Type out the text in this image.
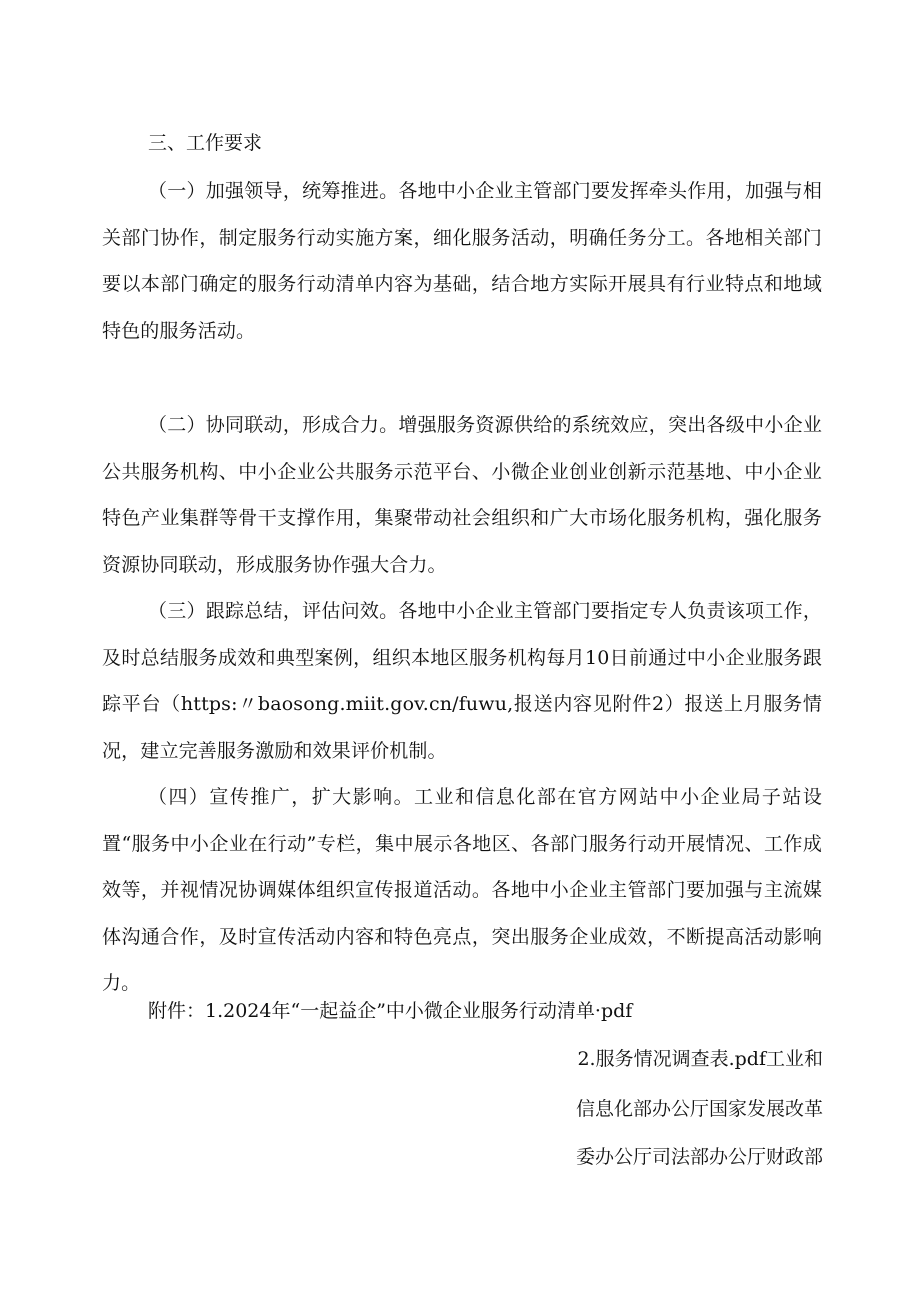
三、工作要求

（一）加强领导，统筹推进。各地中小企业主管部门要发挥牵头作用，加强与相关部门协作，制定服务行动实施方案，细化服务活动，明确任务分工。各地相关部门要以本部门确定的服务行动清单内容为基础，结合地方实际开展具有行业特点和地域特色的服务活动。

（二）协同联动，形成合力。增强服务资源供给的系统效应，突出各级中小企业公共服务机构、中小企业公共服务示范平台、小微企业创业创新示范基地、中小企业特色产业集群等骨干支撑作用，集聚带动社会组织和广大市场化服务机构，强化服务资源协同联动，形成服务协作强大合力。

（三）跟踪总结，评估问效。各地中小企业主管部门要指定专人负责该项工作，及时总结服务成效和典型案例，组织本地区服务机构每月10日前通过中小企业服务跟踪平台（https:〃baosong.miit.gov.cn/fuwu,报送内容见附件2）报送上月服务情况，建立完善服务激励和效果评价机制。

（四）宣传推广，扩大影响。工业和信息化部在官方网站中小企业局子站设置“服务中小企业在行动”专栏，集中展示各地区、各部门服务行动开展情况、工作成效等，并视情况协调媒体组织宣传报道活动。各地中小企业主管部门要加强与主流媒体沟通合作，及时宣传活动内容和特色亮点，突出服务企业成效，不断提高活动影响力。

附件：1.2024年“一起益企”中小微企业服务行动清单·pdf
2.服务情况调查表.pdf工业和
信息化部办公厅国家发展改革
委办公厅司法部办公厅财政部
